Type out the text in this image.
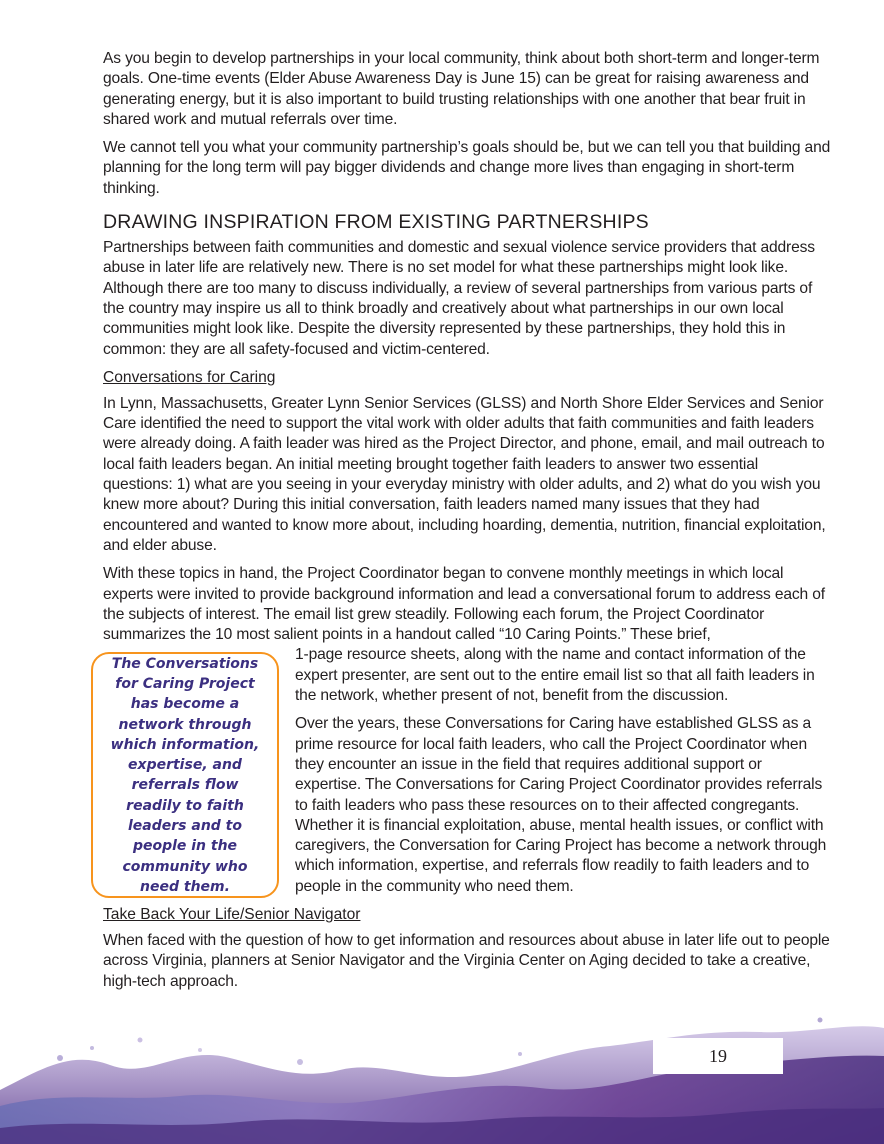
As you begin to develop partnerships in your local community, think about both short-term and longer-term goals. One-time events (Elder Abuse Awareness Day is June 15) can be great for raising awareness and generating energy, but it is also important to build trusting relationships with one another that bear fruit in shared work and mutual referrals over time.

We cannot tell you what your community partnership’s goals should be, but we can tell you that building and planning for the long term will pay bigger dividends and change more lives than engaging in short-term thinking.

DRAWING INSPIRATION FROM EXISTING PARTNERSHIPS

Partnerships between faith communities and domestic and sexual violence service providers that address abuse in later life are relatively new. There is no set model for what these partnerships might look like. Although there are too many to discuss individually, a review of several partnerships from various parts of the country may inspire us all to think broadly and creatively about what partnerships in our own local communities might look like. Despite the diversity represented by these partnerships, they hold this in common: they are all safety-focused and victim-centered.

Conversations for Caring

In Lynn, Massachusetts, Greater Lynn Senior Services (GLSS) and North Shore Elder Services and Senior Care identified the need to support the vital work with older adults that faith communities and faith leaders were already doing. A faith leader was hired as the Project Director, and phone, email, and mail outreach to local faith leaders began. An initial meeting brought together faith leaders to answer two essential questions: 1) what are you seeing in your everyday ministry with older adults, and 2) what do you wish you knew more about? During this initial conversation, faith leaders named many issues that they had encountered and wanted to know more about, including hoarding, dementia, nutrition, financial exploitation, and elder abuse.

With these topics in hand, the Project Coordinator began to convene monthly meetings in which local experts were invited to provide background information and lead a conversational forum to address each of the subjects of interest. The email list grew steadily. Following each forum, the Project Coordinator summarizes the 10 most salient points in a handout called “10 Caring Points.” These brief,

The Conversations for Caring Project has become a network through which information, expertise, and referrals flow readily to faith leaders and to people in the community who need them.

1-page resource sheets, along with the name and contact information of the expert presenter, are sent out to the entire email list so that all faith leaders in the network, whether present of not, benefit from the discussion.

Over the years, these Conversations for Caring have established GLSS as a prime resource for local faith leaders, who call the Project Coordinator when they encounter an issue in the field that requires additional support or expertise. The Conversations for Caring Project Coordinator provides referrals to faith leaders who pass these resources on to their affected congregants. Whether it is financial exploitation, abuse, mental health issues, or conflict with caregivers, the Conversation for Caring Project has become a network through which information, expertise, and referrals flow readily to faith leaders and to people in the community who need them.

Take Back Your Life/Senior Navigator

When faced with the question of how to get information and resources about abuse in later life out to people across Virginia, planners at Senior Navigator and the Virginia Center on Aging decided to take a creative, high-tech approach.

19
